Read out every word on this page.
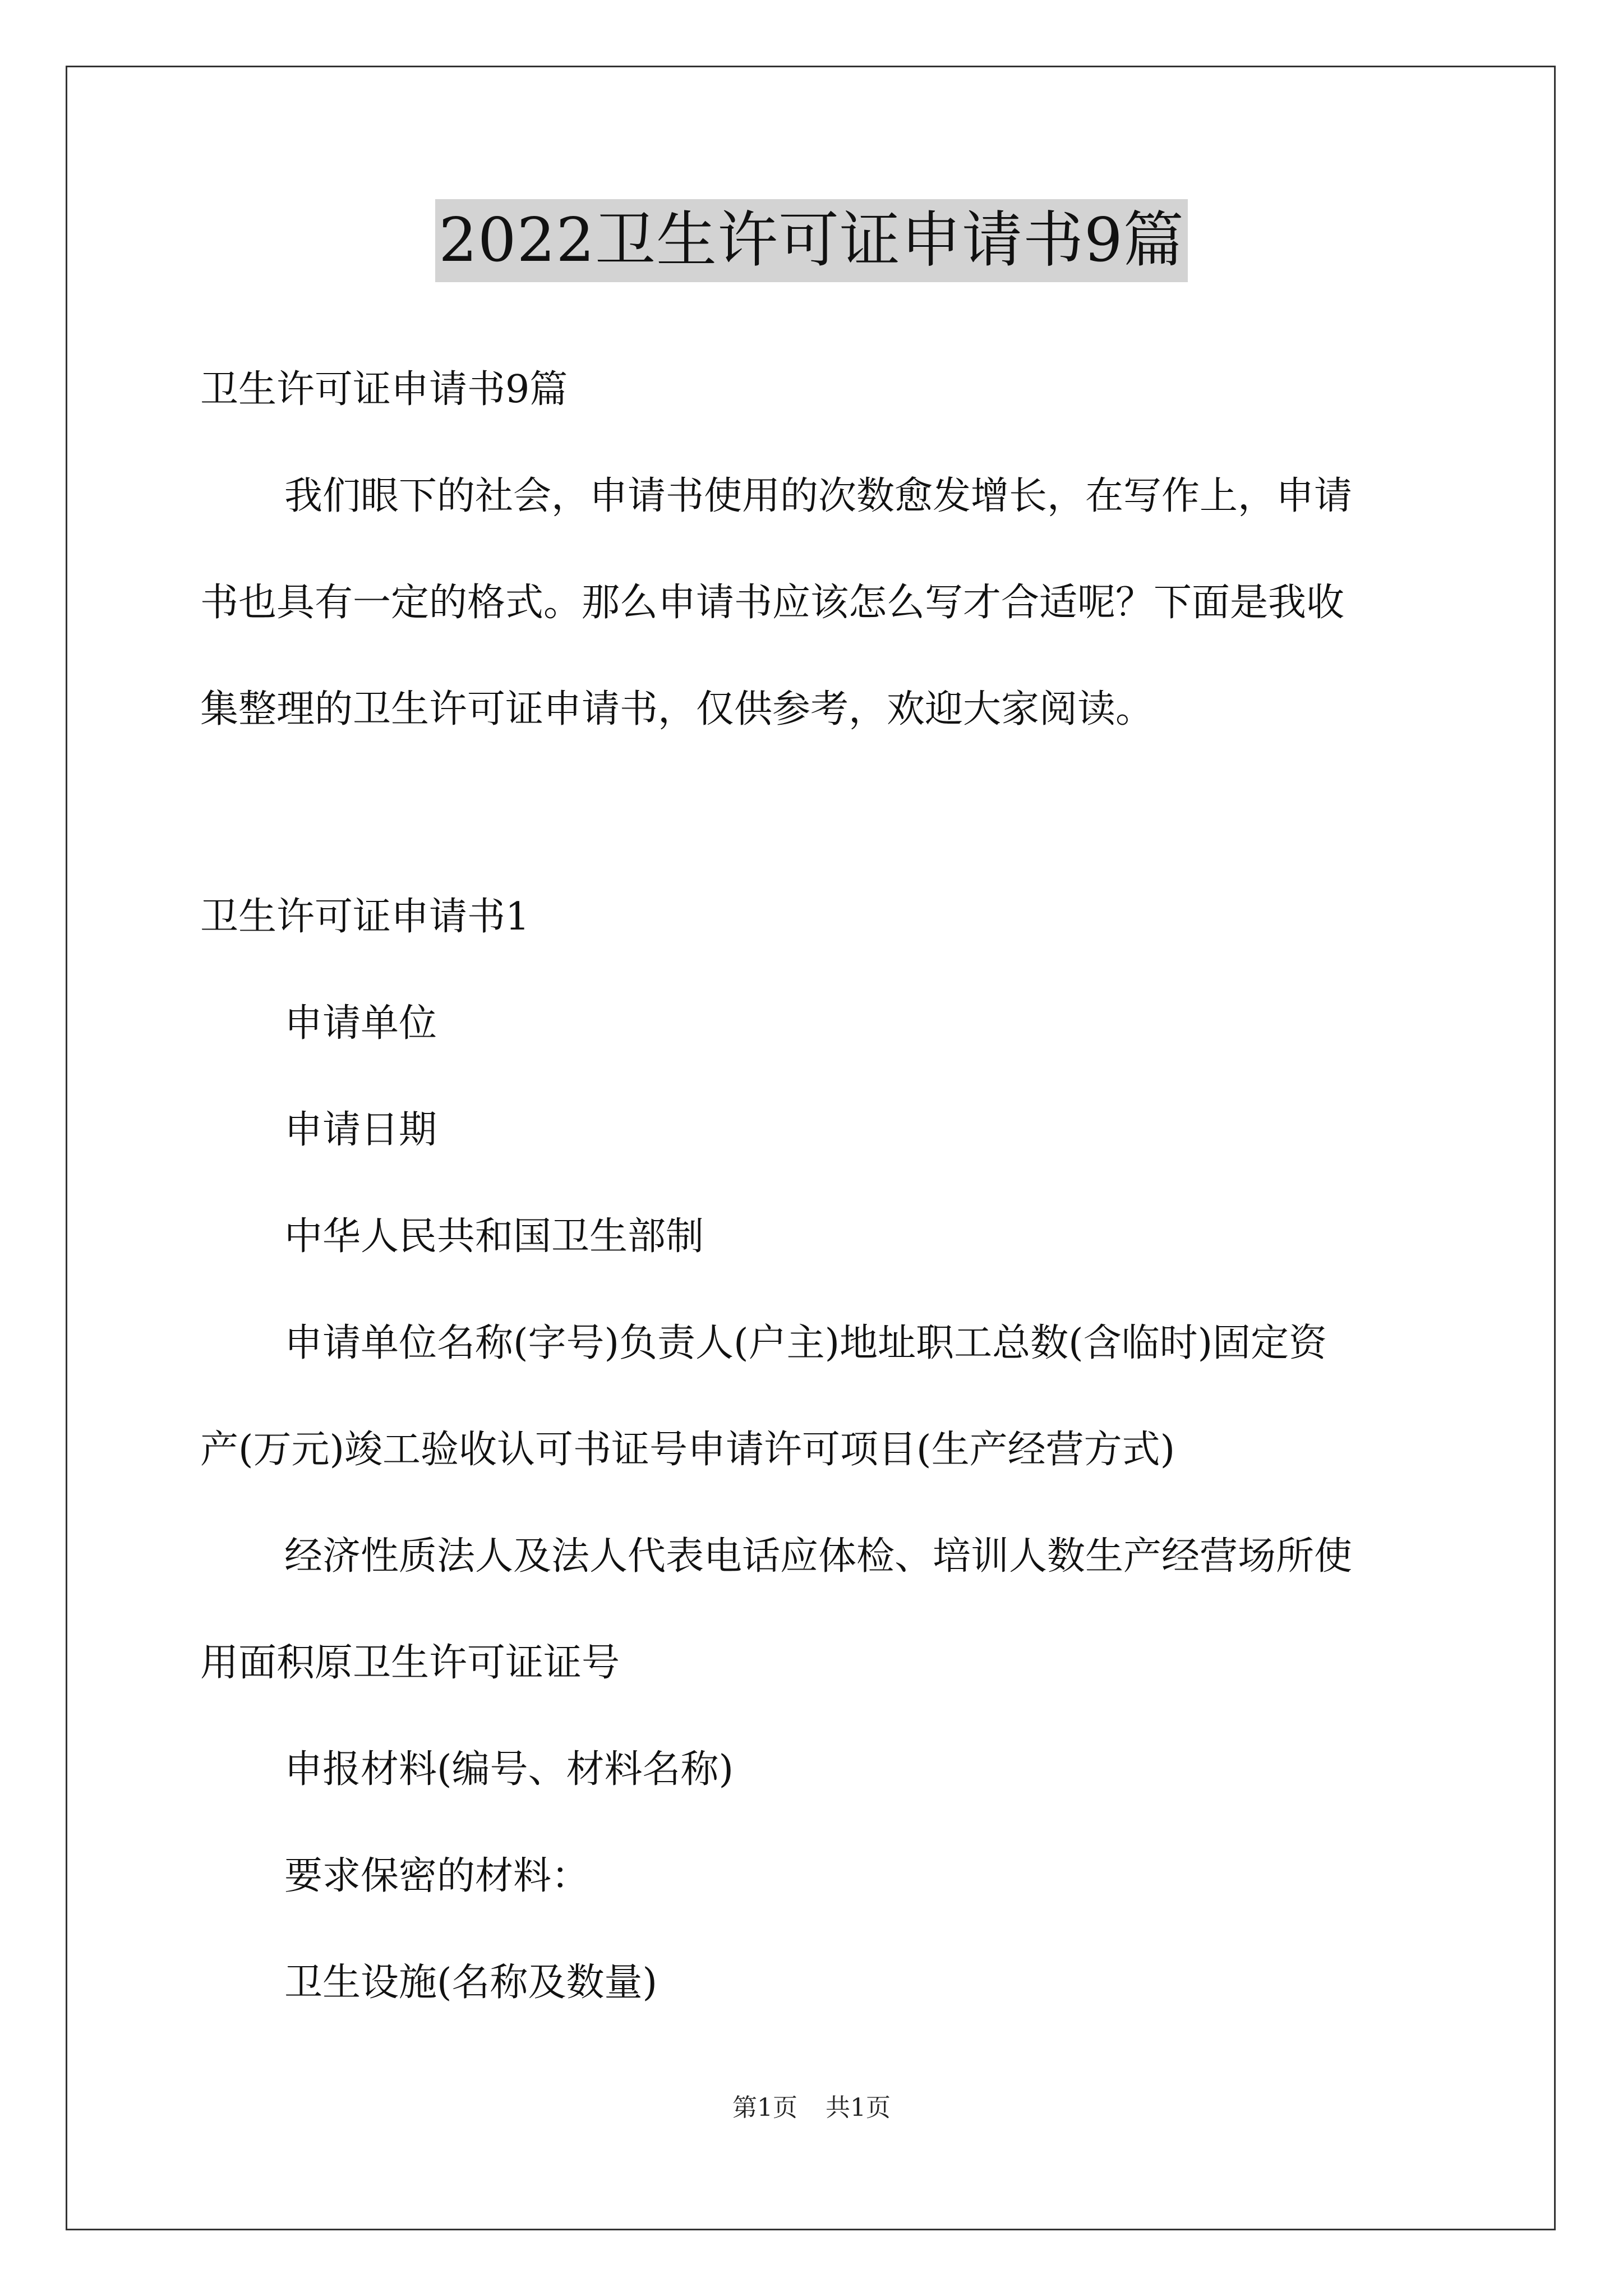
2022卫生许可证申请书9篇

卫生许可证申请书9篇

我们眼下的社会，申请书使用的次数愈发增长，在写作上，申请

书也具有一定的格式。那么申请书应该怎么写才合适呢？下面是我收

集整理的卫生许可证申请书，仅供参考，欢迎大家阅读。

卫生许可证申请书1

申请单位

申请日期

中华人民共和国卫生部制

申请单位名称(字号)负责人(户主)地址职工总数(含临时)固定资

产(万元)竣工验收认可书证号申请许可项目(生产经营方式)

经济性质法人及法人代表电话应体检、培训人数生产经营场所使

用面积原卫生许可证证号

申报材料(编号、材料名称)

要求保密的材料：

卫生设施(名称及数量)

第1页 共1页
